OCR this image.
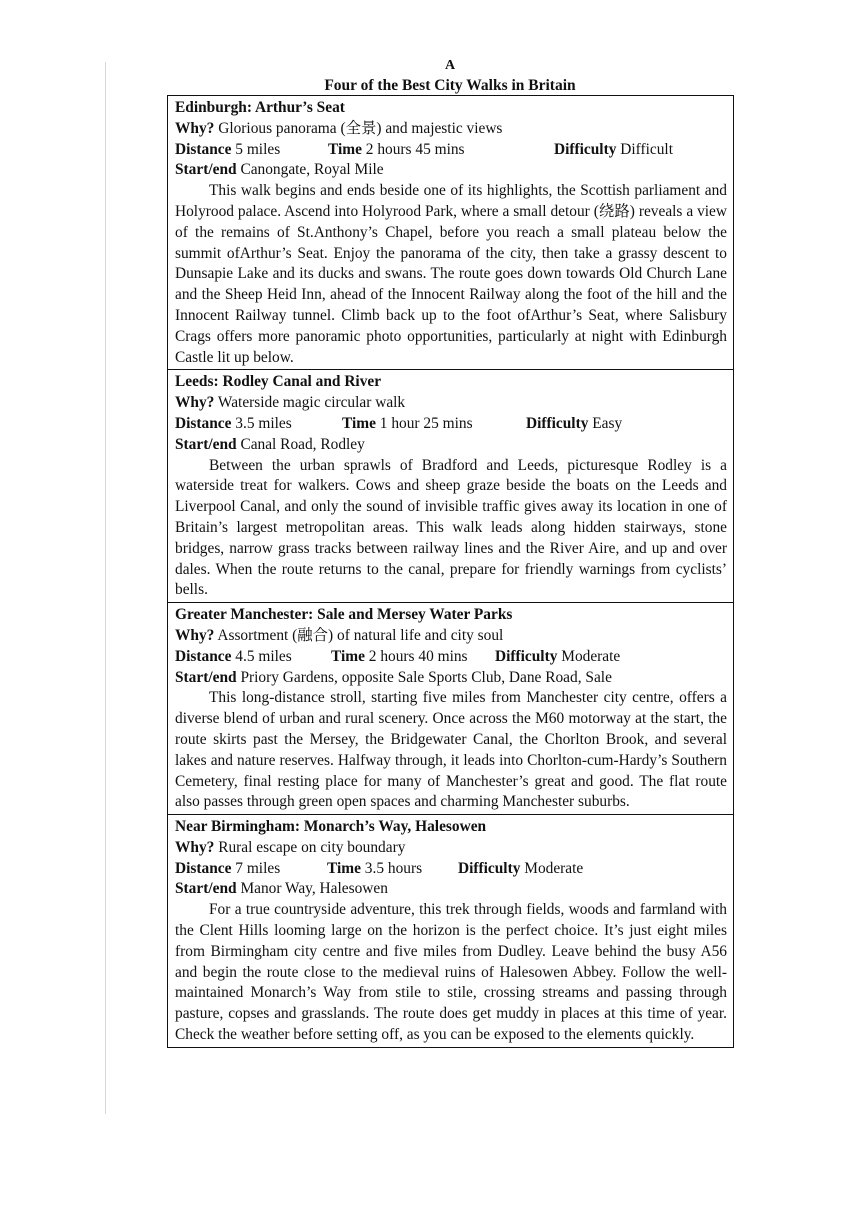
A
Four of the Best City Walks in Britain
Edinburgh: Arthur’s Seat
Why? Glorious panorama (全景) and majestic views
Distance 5 miles	Time 2 hours 45 mins	Difficulty Difficult
Start/end Canongate, Royal Mile

This walk begins and ends beside one of its highlights, the Scottish parliament and Holyrood palace. Ascend into Holyrood Park, where a small detour (绕路) reveals a view of the remains of St.Anthony’s Chapel, before you reach a small plateau below the summit ofArthur’s Seat. Enjoy the panorama of the city, then take a grassy descent to Dunsapie Lake and its ducks and swans. The route goes down towards Old Church Lane and the Sheep Heid Inn, ahead of the Innocent Railway along the foot of the hill and the Innocent Railway tunnel. Climb back up to the foot ofArthur’s Seat, where Salisbury Crags offers more panoramic photo opportunities, particularly at night with Edinburgh Castle lit up below.

Leeds: Rodley Canal and River
Why? Waterside magic circular walk
Distance 3.5 miles	Time 1 hour 25 mins	Difficulty Easy
Start/end Canal Road, Rodley

Between the urban sprawls of Bradford and Leeds, picturesque Rodley is a waterside treat for walkers. Cows and sheep graze beside the boats on the Leeds and Liverpool Canal, and only the sound of invisible traffic gives away its location in one of Britain’s largest metropolitan areas. This walk leads along hidden stairways, stone bridges, narrow grass tracks between railway lines and the River Aire, and up and over dales. When the route returns to the canal, prepare for friendly warnings from cyclists’ bells.

Greater Manchester: Sale and Mersey Water Parks
Why? Assortment (融合) of natural life and city soul
Distance 4.5 miles	Time 2 hours 40 mins Difficulty Moderate
Start/end Priory Gardens, opposite Sale Sports Club, Dane Road, Sale

This long-distance stroll, starting five miles from Manchester city centre, offers a diverse blend of urban and rural scenery. Once across the M60 motorway at the start, the route skirts past the Mersey, the Bridgewater Canal, the Chorlton Brook, and several lakes and nature reserves. Halfway through, it leads into Chorlton-cum-Hardy’s Southern Cemetery, final resting place for many of Manchester’s great and good. The flat route also passes through green open spaces and charming Manchester suburbs.

Near Birmingham: Monarch’s Way, Halesowen
Why? Rural escape on city boundary
Distance 7 miles	Time 3.5 hours Difficulty Moderate
Start/end Manor Way, Halesowen

For a true countryside adventure, this trek through fields, woods and farmland with the Clent Hills looming large on the horizon is the perfect choice. It’s just eight miles from Birmingham city centre and five miles from Dudley. Leave behind the busy A56 and begin the route close to the medieval ruins of Halesowen Abbey. Follow the well-maintained Monarch’s Way from stile to stile, crossing streams and passing through pasture, copses and grasslands. The route does get muddy in places at this time of year. Check the weather before setting off, as you can be exposed to the elements quickly.
